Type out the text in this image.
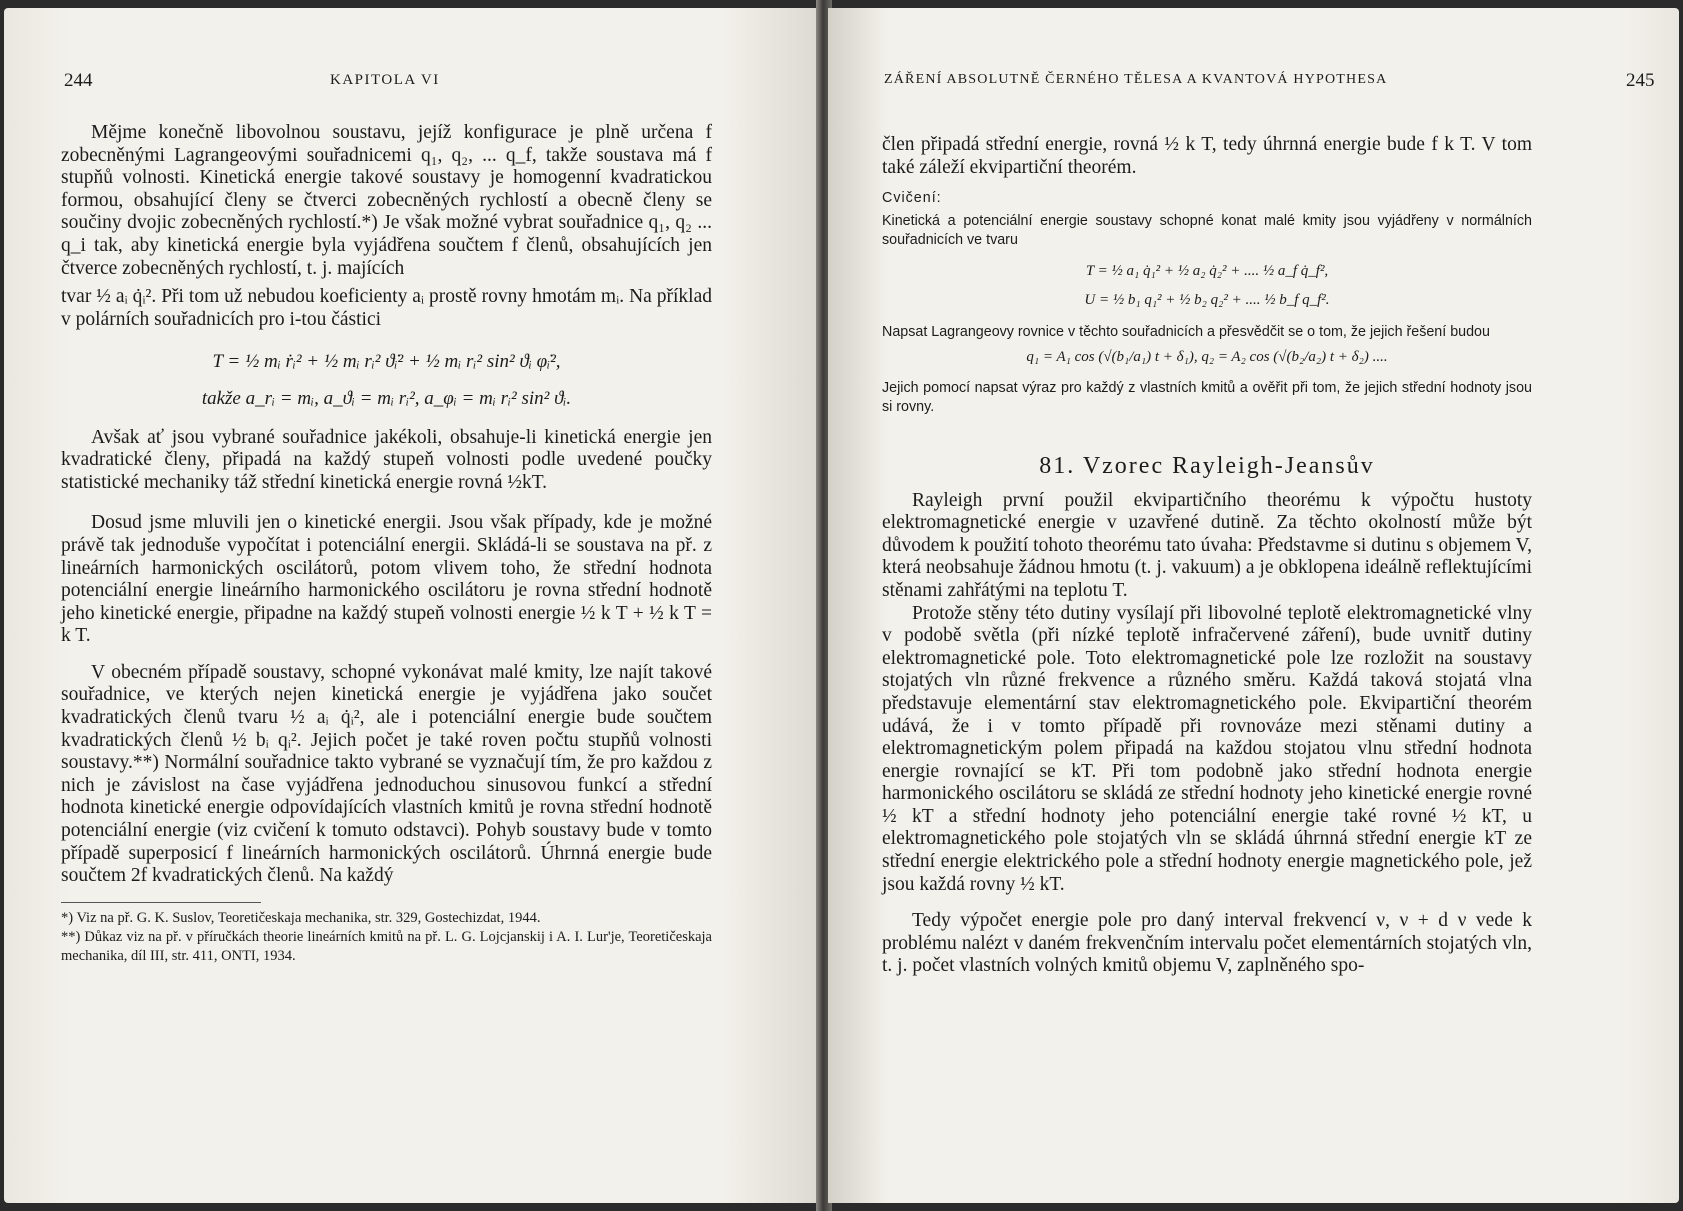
244	KAPITOLA VI

Mějme konečně libovolnou soustavu, jejíž konfigurace je plně určena f zobecněnými Lagrangeovými souřadnicemi q₁, q₂, ... q_f, takže soustava má f stupňů volnosti. Kinetická energie takové soustavy je homogenní kvadratickou formou, obsahující členy se čtverci zobecněných rychlostí a obecně členy se součiny dvojic zobecněných rychlostí.*) Je však možné vybrat souřadnice q₁, q₂ ... q_i tak, aby kinetická energie byla vyjádřena součtem f členů, obsahujících jen čtverce zobecněných rychlostí, t. j. majících

tvar ½ aᵢ q̇ᵢ². Při tom už nebudou koeficienty aᵢ prostě rovny hmotám mᵢ. Na příklad v polárních souřadnicích pro i-tou částici

T = ½ mᵢ ṙᵢ² + ½ mᵢ rᵢ² ϑ̇ᵢ² + ½ mᵢ rᵢ² sin² ϑᵢ φ̇ᵢ²,
takže a_rᵢ = mᵢ, a_ϑᵢ = mᵢ rᵢ², a_φᵢ = mᵢ rᵢ² sin² ϑᵢ.

Avšak ať jsou vybrané souřadnice jakékoli, obsahuje-li kinetická energie jen kvadratické členy, připadá na každý stupeň volnosti podle uvedené poučky statistické mechaniky táž střední kinetická energie rovná ½kT.

Dosud jsme mluvili jen o kinetické energii. Jsou však případy, kde je možné právě tak jednoduše vypočítat i potenciální energii. Skládá-li se soustava na př. z lineárních harmonických oscilátorů, potom vlivem toho, že střední hodnota potenciální energie lineárního harmonického oscilátoru je rovna střední hodnotě jeho kinetické energie, připadne na každý stupeň volnosti energie ½ k T + ½ k T = k T.

V obecném případě soustavy, schopné vykonávat malé kmity, lze najít takové souřadnice, ve kterých nejen kinetická energie je vyjádřena jako součet kvadratických členů tvaru ½ aᵢ q̇ᵢ², ale i potenciální energie bude součtem kvadratických členů ½ bᵢ qᵢ². Jejich počet je také roven počtu stupňů volnosti soustavy.**) Normální souřadnice takto vybrané se vyznačují tím, že pro každou z nich je závislost na čase vyjádřena jednoduchou sinusovou funkcí a střední hodnota kinetické energie odpovídajících vlastních kmitů je rovna střední hodnotě potenciální energie (viz cvičení k tomuto odstavci). Pohyb soustavy bude v tomto případě superposicí f lineárních harmonických oscilátorů. Úhrnná energie bude součtem 2f kvadratických členů. Na každý

*) Viz na př. G. K. Suslov, Teoretičeskaja mechanika, str. 329, Gostechizdat, 1944.
**) Důkaz viz na př. v příručkách theorie lineárních kmitů na př. L. G. Lojcjanskij i A. I. Lur'je, Teoretičeskaja mechanika, díl III, str. 411, ONTI, 1934.
ZÁŘENÍ ABSOLUTNĚ ČERNÉHO TĚLESA A KVANTOVÁ HYPOTHESA	245

člen připadá střední energie, rovná ½ k T, tedy úhrnná energie bude f k T. V tom také záleží ekvipartiční theorém.

Cvičení:
Kinetická a potenciální energie soustavy schopné konat malé kmity jsou vyjádřeny v normálních souřadnicích ve tvaru
T = ½ a₁ q̇₁² + ½ a₂ q̇₂² + .... ½ a_f q̇_f²,
U = ½ b₁ q₁² + ½ b₂ q₂² + .... ½ b_f q_f².
Napsat Lagrangeovy rovnice v těchto souřadnicích a přesvědčit se o tom, že jejich řešení budou
q₁ = A₁ cos (√(b₁/a₁) t + δ₁), q₂ = A₂ cos (√(b₂/a₂) t + δ₂) ....
Jejich pomocí napsat výraz pro každý z vlastních kmitů a ověřit při tom, že jejich střední hodnoty jsou si rovny.
81. Vzorec Rayleigh-Jeansův

Rayleigh první použil ekvipartičního theorému k výpočtu hustoty elektromagnetické energie v uzavřené dutině. Za těchto okolností může být důvodem k použití tohoto theorému tato úvaha: Představme si dutinu s objemem V, která neobsahuje žádnou hmotu (t. j. vakuum) a je obklopena ideálně reflektujícími stěnami zahřátými na teplotu T.

Protože stěny této dutiny vysílají při libovolné teplotě elektromagnetické vlny v podobě světla (při nízké teplotě infračervené záření), bude uvnitř dutiny elektromagnetické pole. Toto elektromagnetické pole lze rozložit na soustavy stojatých vln různé frekvence a různého směru. Každá taková stojatá vlna představuje elementární stav elektromagnetického pole. Ekvipartiční theorém udává, že i v tomto případě při rovnováze mezi stěnami dutiny a elektromagnetickým polem připadá na každou stojatou vlnu střední hodnota energie rovnající se kT. Při tom podobně jako střední hodnota energie harmonického oscilátoru se skládá ze střední hodnoty jeho kinetické energie rovné ½ kT a střední hodnoty jeho potenciální energie také rovné ½ kT, u elektromagnetického pole stojatých vln se skládá úhrnná střední energie kT ze střední energie elektrického pole a střední hodnoty energie magnetického pole, jež jsou každá rovny ½ kT.

Tedy výpočet energie pole pro daný interval frekvencí ν, ν + d ν vede k problému nalézt v daném frekvenčním intervalu počet elementárních stojatých vln, t. j. počet vlastních volných kmitů objemu V, zaplněného spo-
